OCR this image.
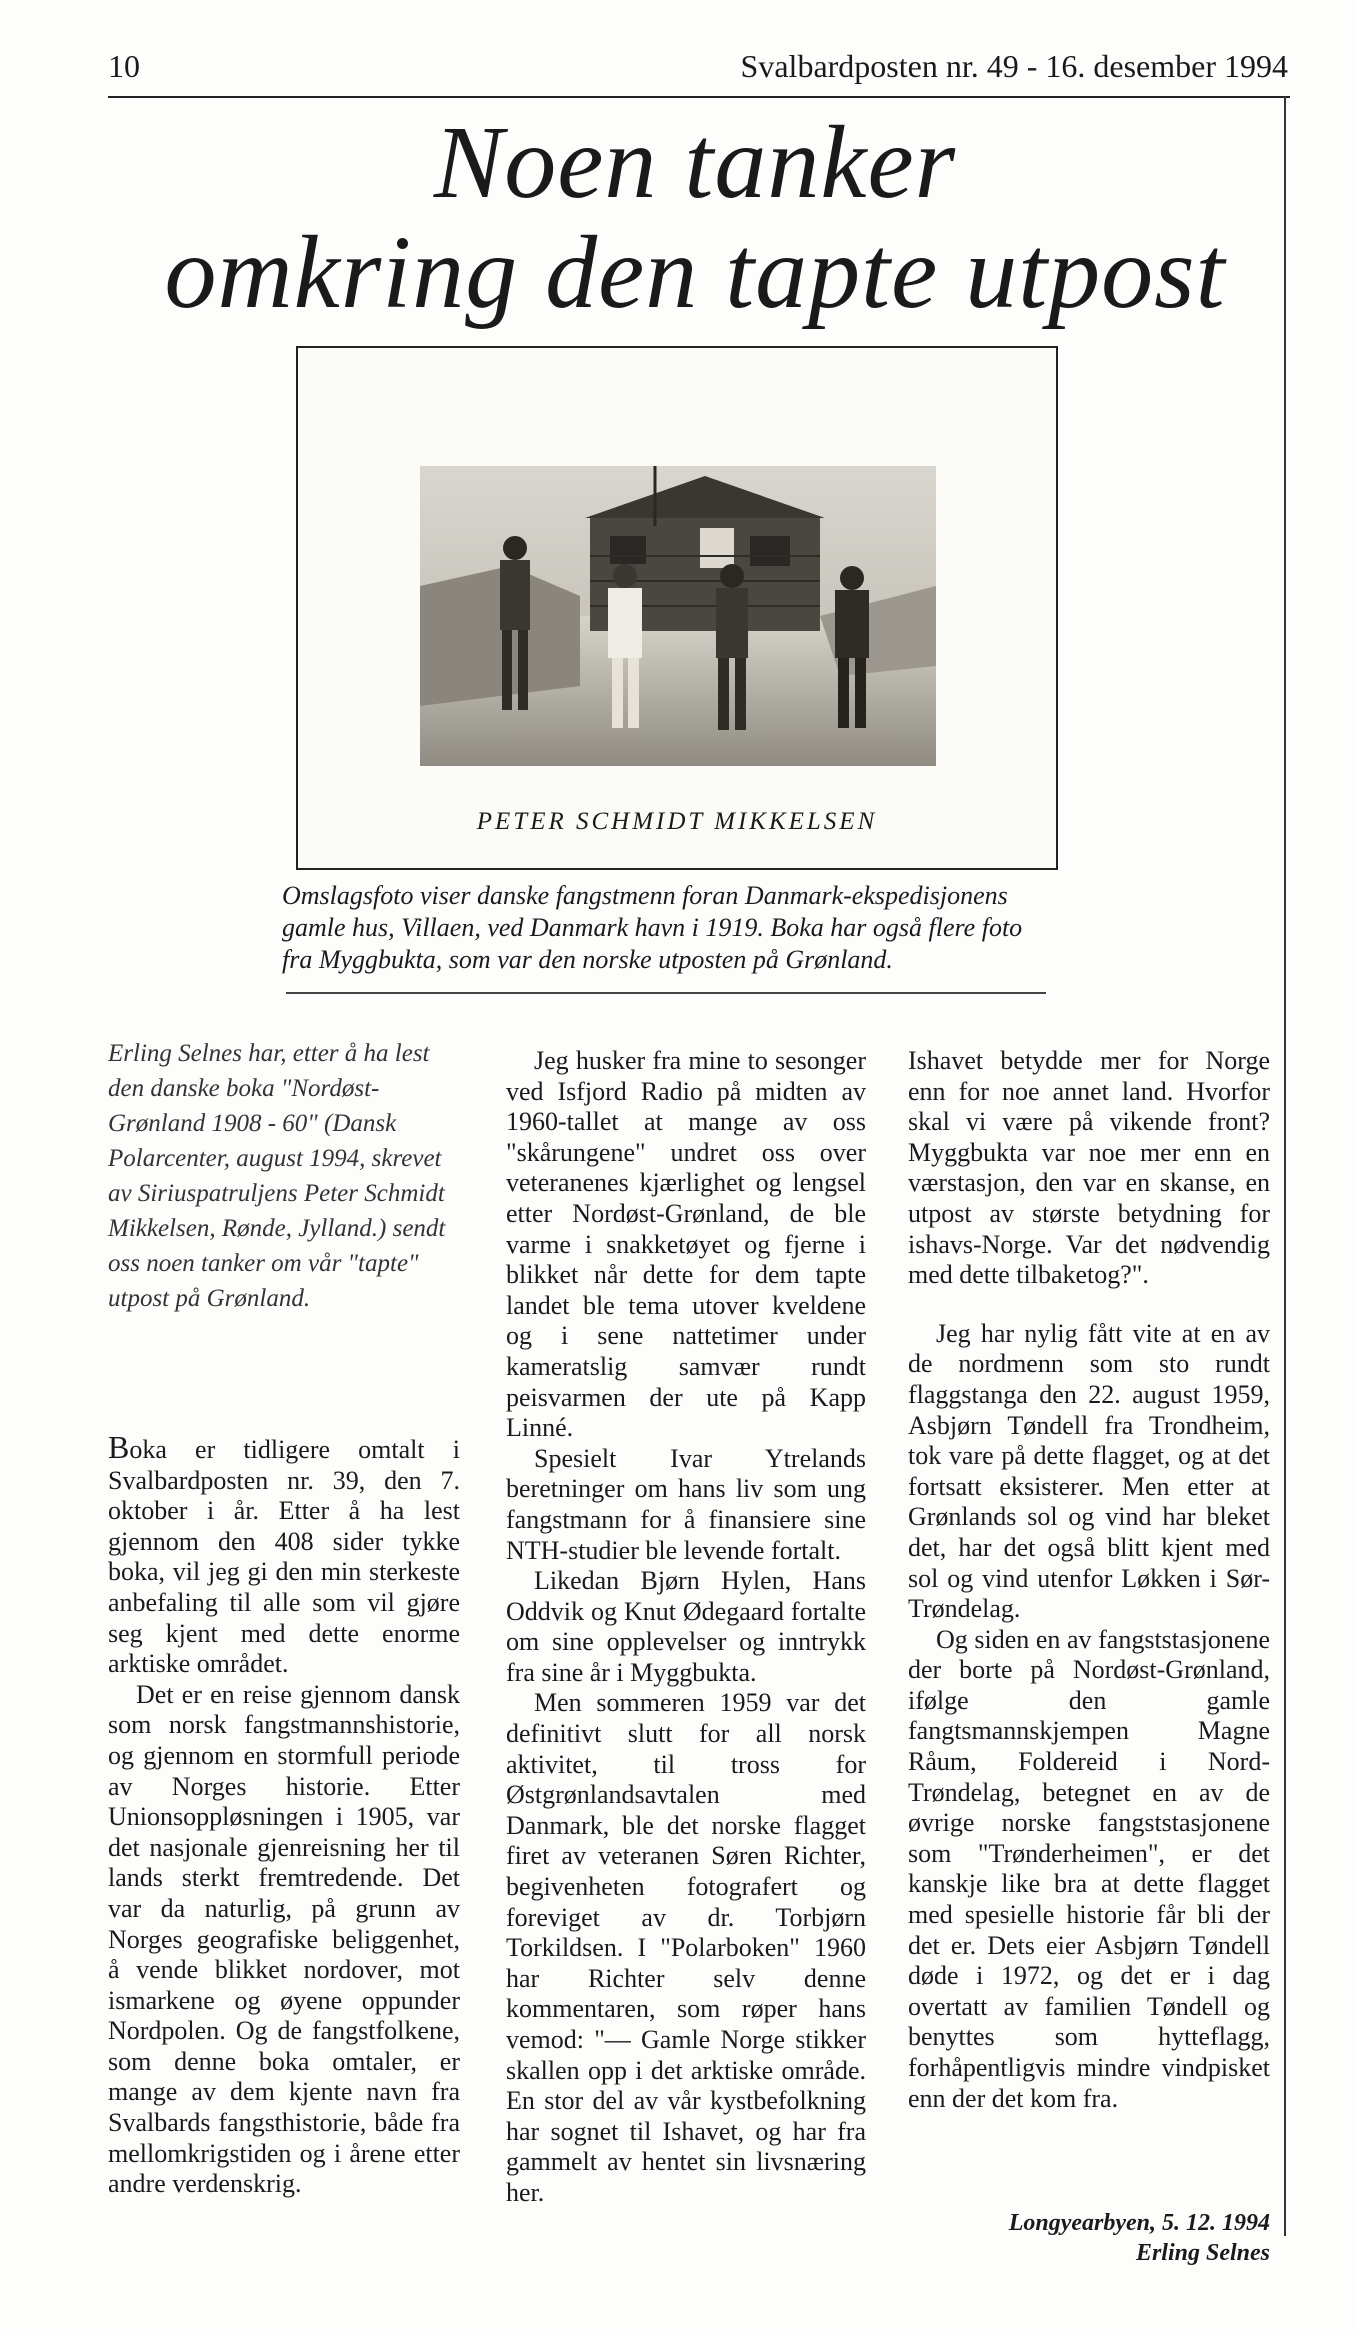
10	Svalbardposten nr. 49 - 16. desember 1994
Noen tanker
omkring den tapte utpost
PETER SCHMIDT MIKKELSEN
Omslagsfoto viser danske fangstmenn foran Danmark-ekspedisjonens gamle hus, Villaen, ved Danmark havn i 1919. Boka har også flere foto fra Myggbukta, som var den norske utposten på Grønland.
Erling Selnes har, etter å ha lest den danske boka "Nordøst-Grønland 1908 - 60" (Dansk Polarcenter, august 1994, skrevet av Siriuspatruljens Peter Schmidt Mikkelsen, Rønde, Jylland.) sendt oss noen tanker om vår "tapte" utpost på Grønland.

Boka er tidligere omtalt i Svalbardposten nr. 39, den 7. oktober i år. Etter å ha lest gjennom den 408 sider tykke boka, vil jeg gi den min sterkeste anbefaling til alle som vil gjøre seg kjent med dette enorme arktiske området.

Det er en reise gjennom dansk som norsk fangstmannshistorie, og gjennom en stormfull periode av Norges historie. Etter Unionsoppløsningen i 1905, var det nasjonale gjenreisning her til lands sterkt fremtredende. Det var da naturlig, på grunn av Norges geografiske beliggenhet, å vende blikket nordover, mot ismarkene og øyene oppunder Nordpolen. Og de fangstfolkene, som denne boka omtaler, er mange av dem kjente navn fra Svalbards fangsthistorie, både fra mellomkrigstiden og i årene etter andre verdenskrig.

Jeg husker fra mine to sesonger ved Isfjord Radio på midten av 1960-tallet at mange av oss "skårungene" undret oss over veteranenes kjærlighet og lengsel etter Nordøst-Grønland, de ble varme i snakketøyet og fjerne i blikket når dette for dem tapte landet ble tema utover kveldene og i sene nattetimer under kameratslig samvær rundt peisvarmen der ute på Kapp Linné.

Spesielt Ivar Ytrelands beretninger om hans liv som ung fangstmann for å finansiere sine NTH-studier ble levende fortalt.

Likedan Bjørn Hylen, Hans Oddvik og Knut Ødegaard fortalte om sine opplevelser og inntrykk fra sine år i Myggbukta.

Men sommeren 1959 var det definitivt slutt for all norsk aktivitet, til tross for Østgrønlandsavtalen med Danmark, ble det norske flagget firet av veteranen Søren Richter, begivenheten fotografert og foreviget av dr. Torbjørn Torkildsen. I "Polarboken" 1960 har Richter selv denne kommentaren, som røper hans vemod: "— Gamle Norge stikker skallen opp i det arktiske område. En stor del av vår kystbefolkning har sognet til Ishavet, og har fra gammelt av hentet sin livsnæring her.

Ishavet betydde mer for Norge enn for noe annet land. Hvorfor skal vi være på vikende front? Myggbukta var noe mer enn en værstasjon, den var en skanse, en utpost av største betydning for ishavs-Norge. Var det nødvendig med dette tilbaketog?".

Jeg har nylig fått vite at en av de nordmenn som sto rundt flaggstanga den 22. august 1959, Asbjørn Tøndell fra Trondheim, tok vare på dette flagget, og at det fortsatt eksisterer. Men etter at Grønlands sol og vind har bleket det, har det også blitt kjent med sol og vind utenfor Løkken i Sør-Trøndelag.

Og siden en av fangststasjonene der borte på Nordøst-Grønland, ifølge den gamle fangtsmannskjempen Magne Råum, Foldereid i Nord-Trøndelag, betegnet en av de øvrige norske fangststasjonene som "Trønderheimen", er det kanskje like bra at dette flagget med spesielle historie får bli der det er. Dets eier Asbjørn Tøndell døde i 1972, og det er i dag overtatt av familien Tøndell og benyttes som hytteflagg, forhåpentligvis mindre vindpisket enn der det kom fra.

Longyearbyen, 5. 12. 1994
Erling Selnes
